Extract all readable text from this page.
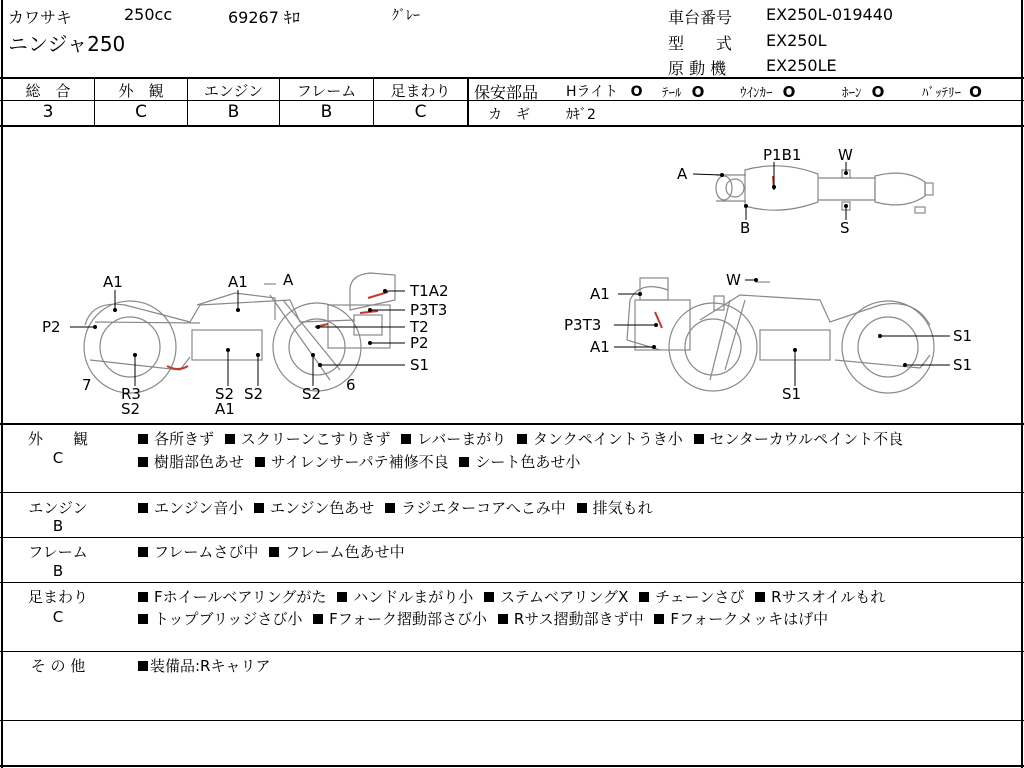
カワサキ	250cc	69267 ｷﾛ	ｸﾞﾚｰ
ニンジャ250
車台番号 EX250L-019440
型　　式 EX250L
原 動 機 EX250LE
総　合	外　観	エンジン	フレーム	足まわり
3	C	B	B	C
保安部品 Hライト O ﾃｰﾙ O	ｳｲﾝｶｰ O	ﾎｰﾝ O	ﾊﾞｯﾃﾘｰ O
カ　ギ	ｶｷﾞ2
A
P1B1 W
B	S
A1	A1 A
T1A2
P2
P3T3
T2
P2
S1
7 R3
S2
S2
A1
S2	S2 6
A1
W
P3T3
A1
S1
S1
S1
外　　観
C
各所きず スクリーンこすりきず レバーまがり タンクペイントうき小 センターカウルペイント不良
樹脂部色あせ サイレンサーパテ補修不良 シート色あせ小
エンジン
B
エンジン音小 エンジン色あせ ラジエターコアへこみ中 排気もれ
フレーム
B
フレームさび中 フレーム色あせ中
足まわり
C
Fホイールベアリングがた ハンドルまがり小 ステムベアリングX チェーンさび Rサスオイルもれ
トップブリッジさび小 Fフォーク摺動部さび小 Rサス摺動部きず中 Fフォークメッキはげ中
そ の 他	装備品:Rキャリア
